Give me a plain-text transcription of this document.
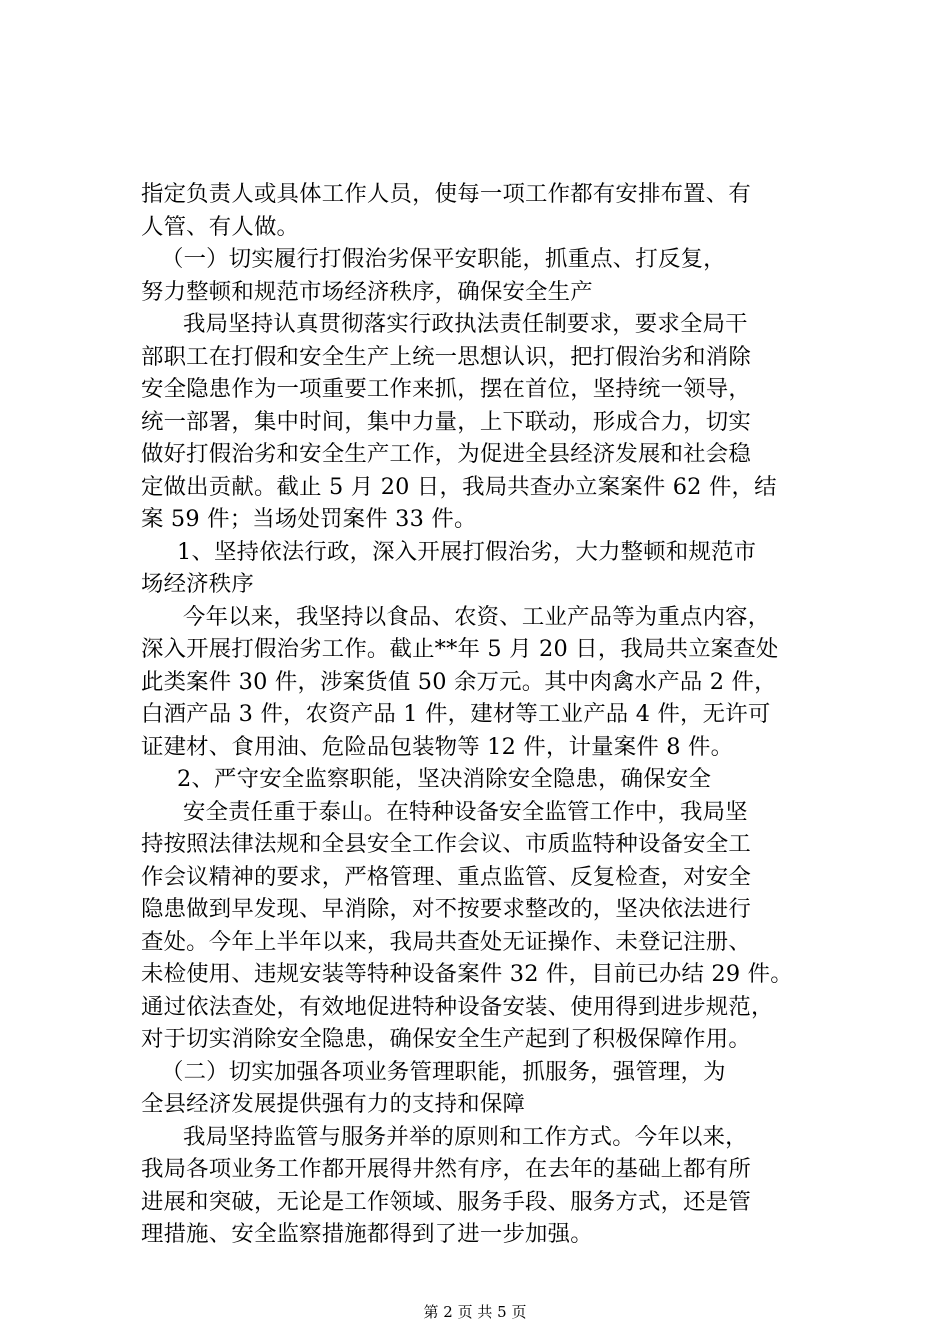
指定负责人或具体工作人员，使每一项工作都有安排布置、有
人管、有人做。
（一）切实履行打假治劣保平安职能，抓重点、打反复，
努力整顿和规范市场经济秩序，确保安全生产
我局坚持认真贯彻落实行政执法责任制要求，要求全局干
部职工在打假和安全生产上统一思想认识，把打假治劣和消除
安全隐患作为一项重要工作来抓，摆在首位，坚持统一领导，
统一部署，集中时间，集中力量，上下联动，形成合力，切实
做好打假治劣和安全生产工作，为促进全县经济发展和社会稳
定做出贡献。截止 5 月 20 日，我局共查办立案案件 62 件，结
案 59 件；当场处罚案件 33 件。
1、坚持依法行政，深入开展打假治劣，大力整顿和规范市
场经济秩序
今年以来，我坚持以食品、农资、工业产品等为重点内容，
深入开展打假治劣工作。截止**年 5 月 20 日，我局共立案查处
此类案件 30 件，涉案货值 50 余万元。其中肉禽水产品 2 件，
白酒产品 3 件，农资产品 1 件，建材等工业产品 4 件，无许可
证建材、食用油、危险品包装物等 12 件，计量案件 8 件。
2、严守安全监察职能，坚决消除安全隐患，确保安全
安全责任重于泰山。在特种设备安全监管工作中，我局坚
持按照法律法规和全县安全工作会议、市质监特种设备安全工
作会议精神的要求，严格管理、重点监管、反复检查，对安全
隐患做到早发现、早消除，对不按要求整改的，坚决依法进行
查处。今年上半年以来，我局共查处无证操作、未登记注册、
未检使用、违规安装等特种设备案件 32 件，目前已办结 29 件。
通过依法查处，有效地促进特种设备安装、使用得到进步规范，
对于切实消除安全隐患，确保安全生产起到了积极保障作用。
（二）切实加强各项业务管理职能，抓服务，强管理，为
全县经济发展提供强有力的支持和保障
我局坚持监管与服务并举的原则和工作方式。今年以来，
我局各项业务工作都开展得井然有序，在去年的基础上都有所
进展和突破，无论是工作领域、服务手段、服务方式，还是管
理措施、安全监察措施都得到了进一步加强。
第 2 页 共 5 页
